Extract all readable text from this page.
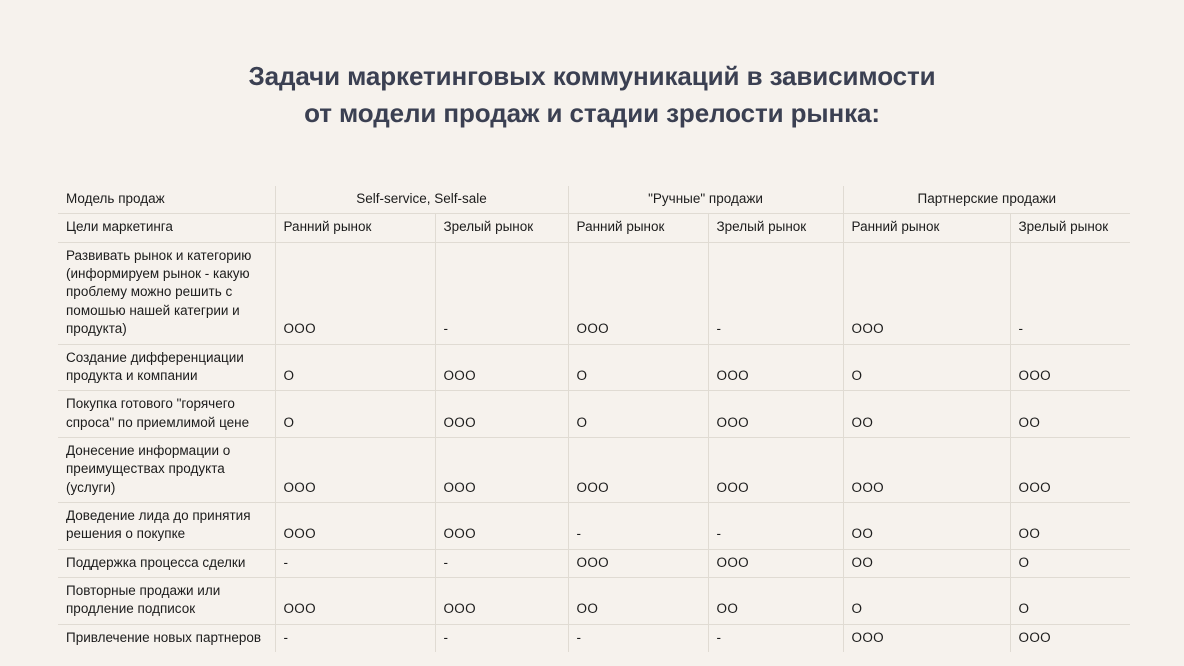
Задачи маркетинговых коммуникаций в зависимости
от модели продаж и стадии зрелости рынка:
Модель продаж	Self-service, Self-sale		"Ручные" продажи		Партнерские продажи	
Цели маркетинга	Ранний рынок	Зрелый рынок	Ранний рынок	Зрелый рынок	Ранний рынок	Зрелый рынок
Развивать рынок и категорию (информируем рынок - какую проблему можно решить с помошью нашей категрии и продукта)	ООО	-	ООО	-	ООО	-
Создание дифференциации продукта и компании	О	ООО	О	ООО	О	ООО
Покупка готового "горячего спроса" по приемлимой цене	О	ООО	О	ООО	ОО	ОО
Донесение информации о преимуществах продукта (услуги)	ООО	ООО	ООО	ООО	ООО	ООО
Доведение лида до принятия решения о покупке	ООО	ООО	-	-	ОО	ОО
Поддержка процесса сделки	-	-	ООО	ООО	ОО	О
Повторные продажи или продление подписок	ООО	ООО	ОО	ОО	О	О
Привлечение новых партнеров	-	-	-	-	ООО	ООО
